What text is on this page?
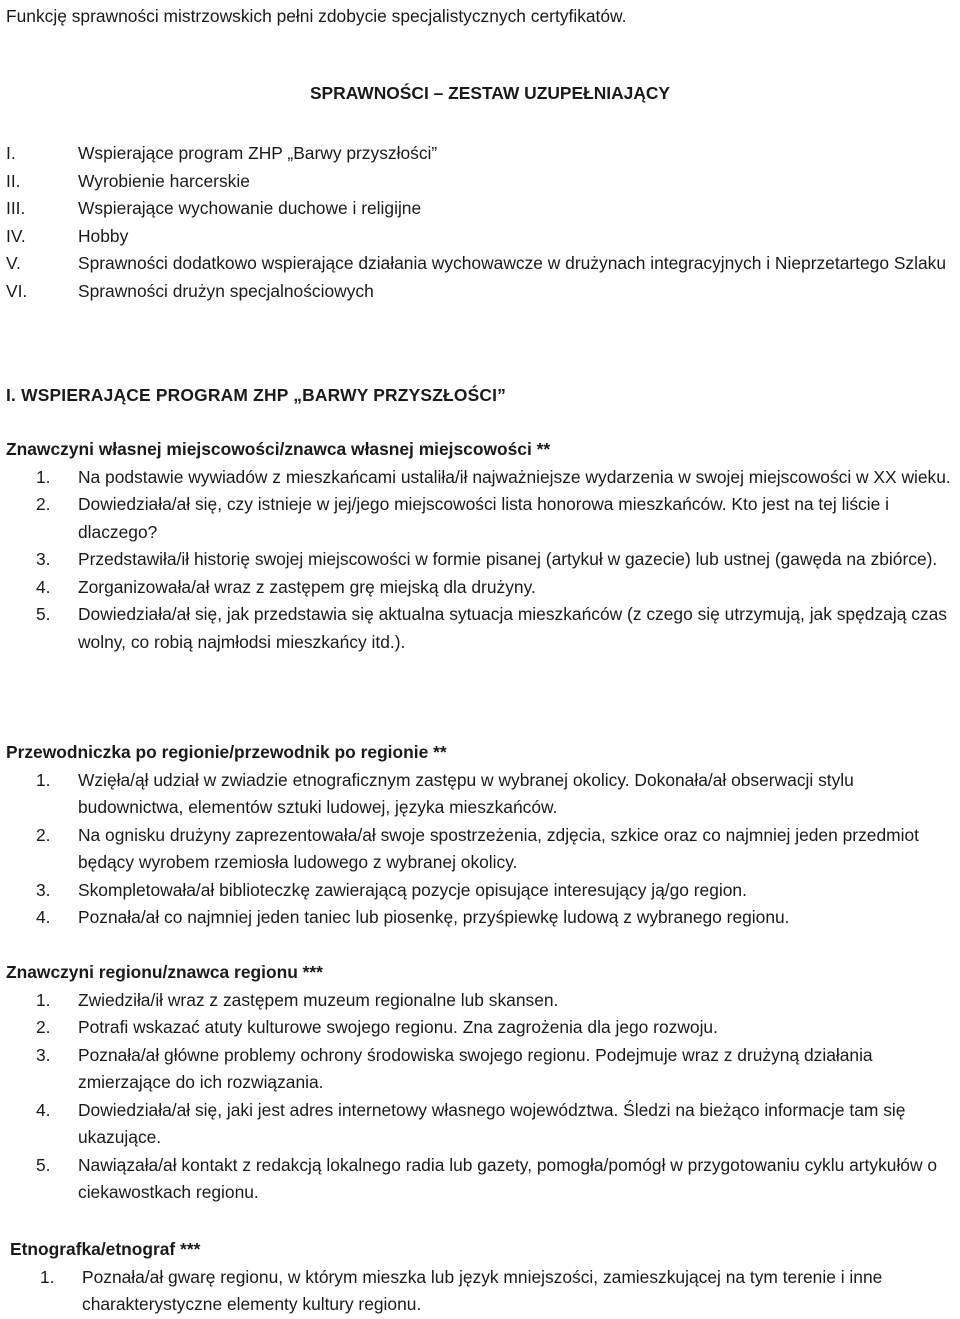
Funkcję sprawności mistrzowskich pełni zdobycie specjalistycznych certyfikatów.
SPRAWNOŚCI – ZESTAW UZUPEŁNIAJĄCY
I.	Wspierające program ZHP „Barwy przyszłości”
II.	Wyrobienie harcerskie
III.	Wspierające wychowanie duchowe i religijne
IV.	Hobby
V.	Sprawności dodatkowo wspierające działania wychowawcze w drużynach integracyjnych i Nieprzetartego Szlaku
VI.	Sprawności drużyn specjalnościowych
I. WSPIERAJĄCE PROGRAM ZHP „BARWY PRZYSZŁOŚCI”
Znawczyni własnej miejscowości/znawca własnej miejscowości **
1.	Na podstawie wywiadów z mieszkańcami ustaliła/ił najważniejsze wydarzenia w swojej miejscowości w XX wieku.
2.	Dowiedziała/ał się, czy istnieje w jej/jego miejscowości lista honorowa mieszkańców. Kto jest na tej liście i dlaczego?
3.	Przedstawiła/ił historię swojej miejscowości w formie pisanej (artykuł w gazecie) lub ustnej (gawęda na zbiórce).
4.	Zorganizowała/ał wraz z zastępem grę miejską dla drużyny.
5.	Dowiedziała/ał się, jak przedstawia się aktualna sytuacja mieszkańców (z czego się utrzymują, jak spędzają czas wolny, co robią najmłodsi mieszkańcy itd.).
Przewodniczka po regionie/przewodnik po regionie **
1.	Wzięła/ął udział w zwiadzie etnograficznym zastępu w wybranej okolicy. Dokonała/ał obserwacji stylu budownictwa, elementów sztuki ludowej, języka mieszkańców.
2.	Na ognisku drużyny zaprezentowała/ał swoje spostrzeżenia, zdjęcia, szkice oraz co najmniej jeden przedmiot będący wyrobem rzemiosła ludowego z wybranej okolicy.
3.	Skompletowała/ał biblioteczkę zawierającą pozycje opisujące interesujący ją/go region.
4.	Poznała/ał co najmniej jeden taniec lub piosenkę, przyśpiewkę ludową z wybranego regionu.
Znawczyni regionu/znawca regionu ***
1.	Zwiedziła/ił wraz z zastępem muzeum regionalne lub skansen.
2.	Potrafi wskazać atuty kulturowe swojego regionu. Zna zagrożenia dla jego rozwoju.
3.	Poznała/ał główne problemy ochrony środowiska swojego regionu. Podejmuje wraz z drużyną działania zmierzające do ich rozwiązania.
4.	Dowiedziała/ał się, jaki jest adres internetowy własnego województwa. Śledzi na bieżąco informacje tam się ukazujące.
5.	Nawiązała/ał kontakt z redakcją lokalnego radia lub gazety, pomogła/pomógł w przygotowaniu cyklu artykułów o ciekawostkach regionu.
Etnografka/etnograf ***
1.	Poznała/ał gwarę regionu, w którym mieszka lub język mniejszości, zamieszkującej na tym terenie i inne charakterystyczne elementy kultury regionu.
